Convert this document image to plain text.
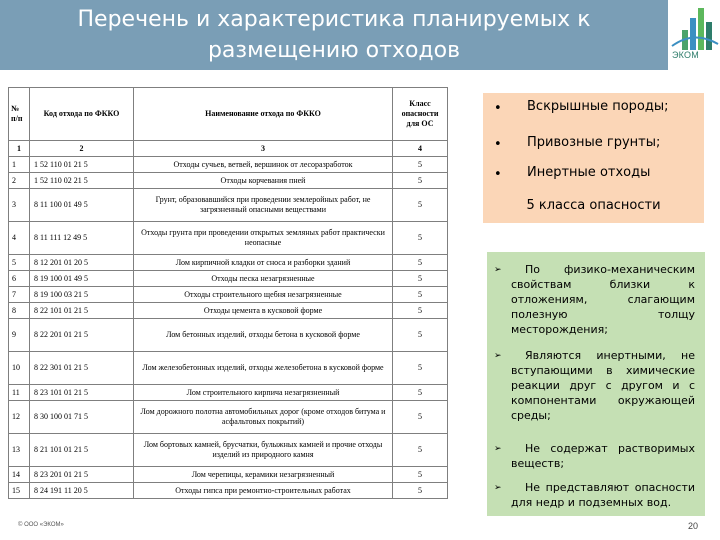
Перечень и характеристика планируемых к размещению отходов	ЭКОМ
№ п/п	Код отхода по ФККО	Наименование отхода по ФККО	Класс опасности для ОС
1	2	3	4
1	1 52 110 01 21 5	Отходы сучьев, ветвей, вершинок от лесоразработок	5
2	1 52 110 02 21 5	Отходы корчевания пней	5
3	8 11 100 01 49 5	Грунт, образовавшийся при проведении землеройных работ, не загрязненный опасными веществами	5
4	8 11 111 12 49 5	Отходы грунта при проведении открытых земляных работ практически неопасные	5
5	8 12 201 01 20 5	Лом кирпичной кладки от сноса и разборки зданий	5
6	8 19 100 01 49 5	Отходы песка незагрязненные	5
7	8 19 100 03 21 5	Отходы строительного щебня незагрязненные	5
8	8 22 101 01 21 5	Отходы цемента в кусковой форме	5
9	8 22 201 01 21 5	Лом бетонных изделий, отходы бетона в кусковой форме	5
10	8 22 301 01 21 5	Лом железобетонных изделий, отходы железобетона в кусковой форме	5
11	8 23 101 01 21 5	Лом строительного кирпича незагрязненный	5
12	8 30 100 01 71 5	Лом дорожного полотна автомобильных дорог (кроме отходов битума и асфальтовых покрытий)	5
13	8 21 101 01 21 5	Лом бортовых камней, брусчатки, булыжных камней и прочие отходы изделий из природного камня	5
14	8 23 201 01 21 5	Лом черепицы, керамики незагрязненный	5
15	8 24 191 11 20 5	Отходы гипса при ремонтно-строительных работах	5
• Вскрышные породы;
• Привозные грунты;
• Инертные отходы
5 класса опасности
➢	По физико-механическим свойствам близки к отложениям, слагающим полезную толщу месторождения;

➢	Являются инертными, не вступающими в химические реакции друг с другом и с компонентами окружающей среды;

➢	Не содержат растворимых веществ;

➢	Не представляют опасности для недр и подземных вод.

© ООО «ЭКОМ»	20
